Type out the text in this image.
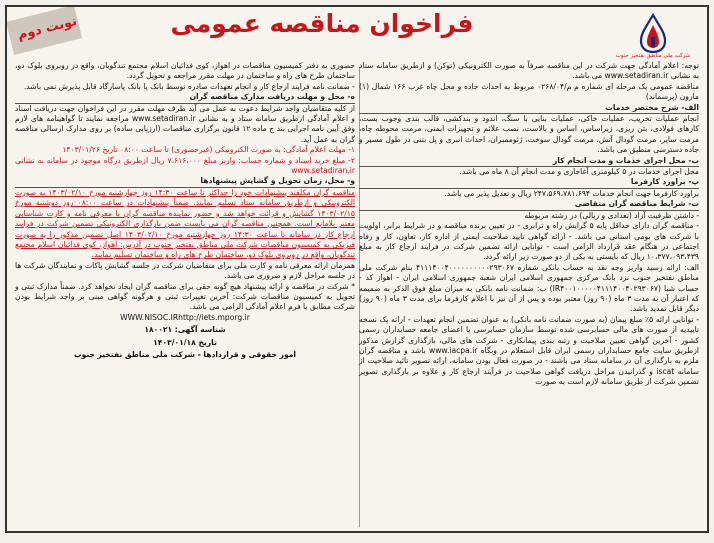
شرکت ملی مناطق نفتخیز جنوب
فراخوان مناقصه عمومی
نوبت دوم

توجه: اعلام آمادگی جهت شرکت در این مناقصه صرفاً به صورت الکترونیکی (توکن) و ازطریق سامانه ستاد به نشانی www.setadiran.ir می باشد.

مناقصه عمومی یک مرحله ای شماره م م/۰۲۶۸/۰۴ مربوط به احداث جاده و محل چاه غرب ۱۶۶ شمال (۱) مارون (پرسماند)

الف- شرح مختصر خدمات

انجام عملیات تخریب، عملیات خاکی، عملیات بنایی با سنگ، اندود و بندکشی، قالب بندی وجوب بست، کارهای فولادی، بتن ریزی، زیراساس، اساس و بالاست، نصب علائم و تجهیزات ایمنی، مرمت محوطه چاه، مرمت سایر، مرمت گودال آتش، مرمت گودال سوخت، ژئوممبران، احداث انبری و پل بتنی در طول مسیر و جاده دسترسی منطبق می باشد.

ب- محل اجرای خدمات و مدت انجام کار

محل اجرای خدمات در ۵ کیلومتری آغاجاری و مدت انجام آن ۸ ماه می باشد.

پ- براورد کارفرما

براورد کارفرما جهت انجام خدمات ۲۴۷،۵۶۹،۷۸۱،۶۹۴ ریال و تعدیل پذیر می باشد.

ت- شرایط مناقصه گران متقاضی

- داشتن ظرفیت آزاد (تعدادی و ریالی) در رشته مربوطه

- مناقصه گران دارای حداقل پایه ۵ گرایش راه و ترابری - در تعیین برنده مناقصه و در شرایط برابر، اولویت با شرکت های بومی استانی می باشد. - ارائه گواهی تایید صلاحیت ایمنی از اداره کار، تعاون، کار و رفاه اجتماعی در هنگام عقد قرارداد الزامی است - توانایی ارائه تضمین شرکت در فرایند ارجاع کار به مبلغ ۱۰،۳۷۷،۰۹۳،۴۳۹ ریال که بایستی به یکی از دو صورت زیر ارائه گردد.

الف: ارائه رسید واریز وجه نقد به حساب بانکی شماره ۴۱۱۱۴۰۰۴۰۰۰۰۰۰۰۰۰۰۲۹۳۰۶۷ بنام شرکت ملی مناطق نفتخیز جنوب نزد بانک مرکزی جمهوری اسلامی ایران شعبه جمهوری اسلامی ایران - اهواز کد - حساب شبا (IR۴۰۰۱۰۰۰۰۰۴۱۱۱۴۰۰۴۰۲۹۳۰۶۷) ب: ضمانت نامه بانکی به میزان مبلغ فوق الذکر به ضمیمه که اعتبار آن به مدت ۳ ماه (۹۰ روز) معتبر بوده و پس از آن نیز با اعلام کارفرما برای مدت ۳ ماه (۹۰ روز) دیگر قابل تمدید باشد.

- توانایی ارائه ۵٪ مبلغ پیمان (به صورت ضمانت نامه بانکی) به عنوان تضمین انجام تعهدات - ارائه یک نسخه تاییدیه از صورت های مالی حسابرسی شده توسط سازمان حسابرسی یا اعضای جامعه حسابداران رسمی کشور - آخرین گواهی تعیین صلاحیت و رتبه بندی پیمانکاری - شرکت های مالی، بازگذاری گزارش مذکور ازطریق سایت جامع حسابداران رسمی ایران قابل استعلام در وبگاه www.iacpa.ir باشد و مناقصه گران ملزم به بارگذاری آن در سامانه ستاد می باشند - در صورت فعال بودن سامانه، ارائه تصویر تائید صلاحیت از سامانه iscat و گذرانیدن مراحل دریافت گواهی صلاحیت در فرآیند ارجاع کار و علاوه بر بارگذاری تصویر تضمین شرکت از طریق سامانه لازم است به صورت

حضوری به دفتر کمیسیون مناقصات در اهواز، کوی فدائیان اسلام مجتمع تندگویان، واقع در روبروی بلوک دو، ساختمان طرح های راه و ساختمان در مهلت مقرر مراجعه و تحویل گردد.

- ضمانت نامه فرایند ارجاع کار و انجام تعهدات صادره توسط بانک یا بانک پاسارگاد قابل پذیرش نمی باشد.

ه- محل و مهلت دریافت مدارک مناقصه گران

از کلیه متقاضیان واجد شرایط دعوت به عمل می آید ظرف مهلت مقرر در این فراخوان جهت دریافت اسناد و اعلام آمادگی ازطریق سامانه ستاد و به نشانی www.setadiran.ir مراجعه نمایند تا گواهینامه های لازم وفق آیین نامه اجرایی بند ج ماده ۱۲ قانون برگزاری مناقصات (ارزیابی ساده) بر روی مدارک ارسالی مناقصه گران به عمل آید.

۱- مهلت اعلام آمادگی: به صورت الکترونیکی (غیرحضوری) تا ساعت ۰۸:۰۰ تاریخ ۱۴۰۳/۰۱/۲۶

۲- مبلغ خرید اسناد و شماره حساب: واریز مبلغ ۷،۶۱۶،۰۰۰ ریال ازطریق درگاه موجود در سامانه به نشانی www.setadiran.ir

و- محل، زمان تحویل و گشایش پیشنهادها

مناقصه گران مکلفند پیشنهادات خود را حداکثر تا ساعت ۱۴:۳۰ روز چهارشنبه مورخ ۱۴۰۳/۰۲/۱۰ به صورت الکترونیکی و ازطریق سامانه ستاد تسلیم نمایند. ضمناً پیشنهادات در ساعت ۰۸:۰۰ روز دوشنبه مورخ ۱۴۰۳/۰۲/۱۵ گشایش و قرائت خواهد شد و حضور نماینده مناقصه گران با معرفی نامه و کارت شناسایی معتبر بلامانع است. همچنین مناقصه گران می بایست ضمن بارگذاری الکترونیکی تضمین شرکت در فرایند ارجاع کار در سامانه تا ساعت ۱۴:۳۰ روز چهارشنبه مورخ ۱۴۰۳/۰۲/۱۰ اصل تضمین مذکور را به صورت فیزیکی به کمیسیون مناقصات شرکت ملی مناطق نفتخیز جنوب در آدرس: اهواز، کوی فدائیان اسلام مجتمع تندگویان، واقع در روبروی بلوک دو، ساختمان طرح های راه و ساختمان تسلیم نمایند.

همزمان ارائه معرفی نامه و کارت ملی برای متقاضیان شرکت در جلسه گشایش پاکات و نمایندگان شرکت ها در جلسه مراحل لازم و ضروری می باشد.

* شرکت در مناقصه و ارائه پیشنهاد هیچ گونه حقی برای مناقصه گران ایجاد نخواهد کرد. ضمناً مدارک ثبتی و تحویل به کمیسیون مناقصات شرکت: آخرین تغییرات ثبتی و هرگونه گواهی مبنی بر واجد شرایط بودن شرکت مطابق با فرم اعلام آمادگی الزامی می باشد.

WWW.NISOC.IRhttp://iets.mporg.ir

شناسه آگهی: ۱۸۰۰۲۱

تاریخ ۱۴۰۳/۰۱/۱۸

امور حقوقی و قراردادها - شرکت ملی مناطق نفتخیز جنوب
